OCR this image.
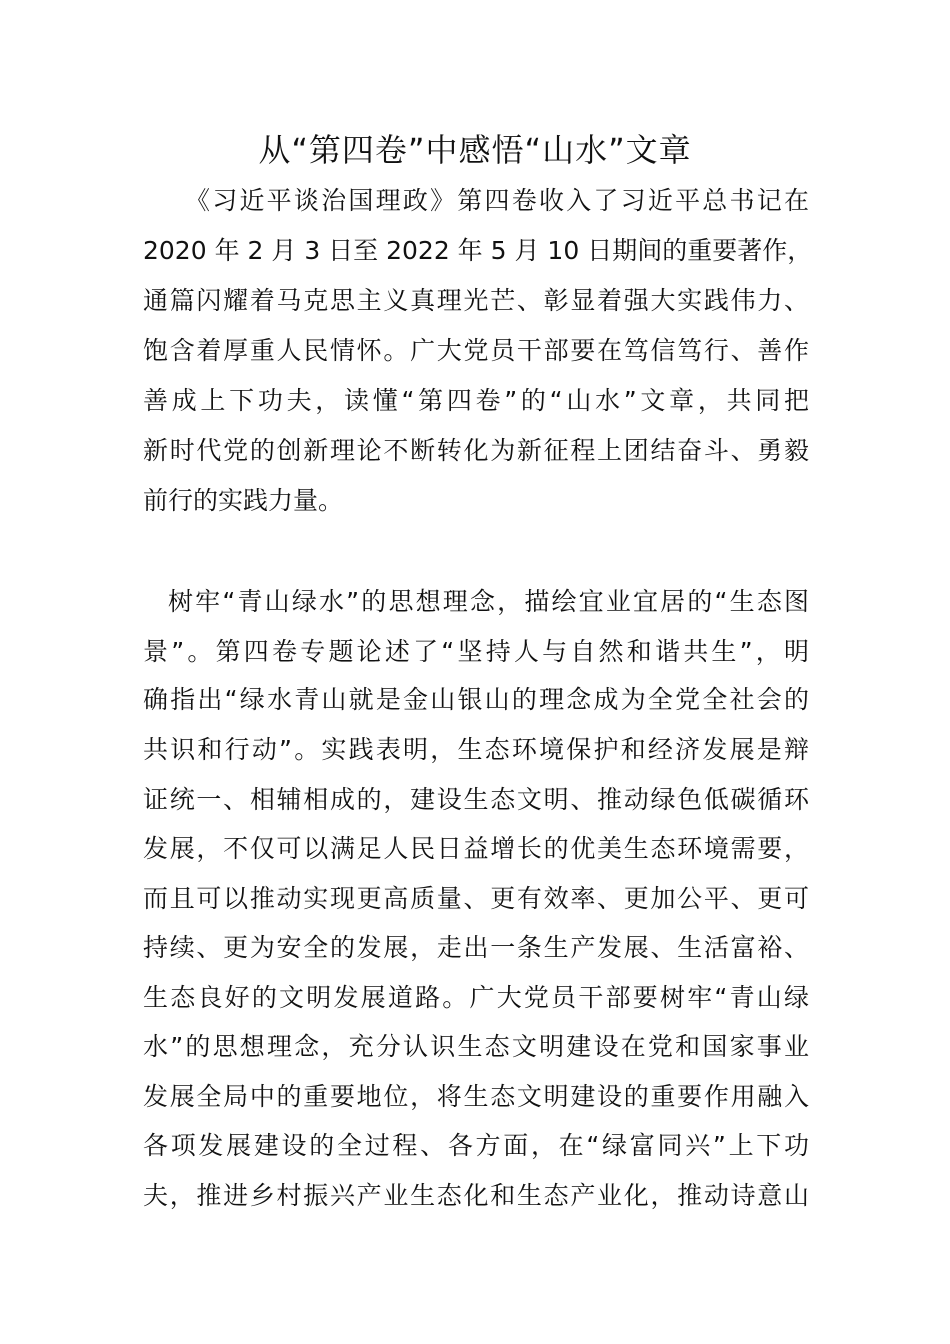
从“第四卷”中感悟“山水”文章
《习近平谈治国理政》第四卷收入了习近平总书记在
2020 年 2 月 3 日至 2022 年 5 月 10 日期间的重要著作，
通篇闪耀着马克思主义真理光芒、彰显着强大实践伟力、
饱含着厚重人民情怀。广大党员干部要在笃信笃行、善作
善成上下功夫，读懂“第四卷”的“山水”文章，共同把
新时代党的创新理论不断转化为新征程上团结奋斗、勇毅
前行的实践力量。
树牢“青山绿水”的思想理念，描绘宜业宜居的“生态图
景”。第四卷专题论述了“坚持人与自然和谐共生”，明
确指出“绿水青山就是金山银山的理念成为全党全社会的
共识和行动”。实践表明，生态环境保护和经济发展是辩
证统一、相辅相成的，建设生态文明、推动绿色低碳循环
发展，不仅可以满足人民日益增长的优美生态环境需要，
而且可以推动实现更高质量、更有效率、更加公平、更可
持续、更为安全的发展，走出一条生产发展、生活富裕、
生态良好的文明发展道路。广大党员干部要树牢“青山绿
水”的思想理念，充分认识生态文明建设在党和国家事业
发展全局中的重要地位，将生态文明建设的重要作用融入
各项发展建设的全过程、各方面，在“绿富同兴”上下功
夫，推进乡村振兴产业生态化和生态产业化，推动诗意山
